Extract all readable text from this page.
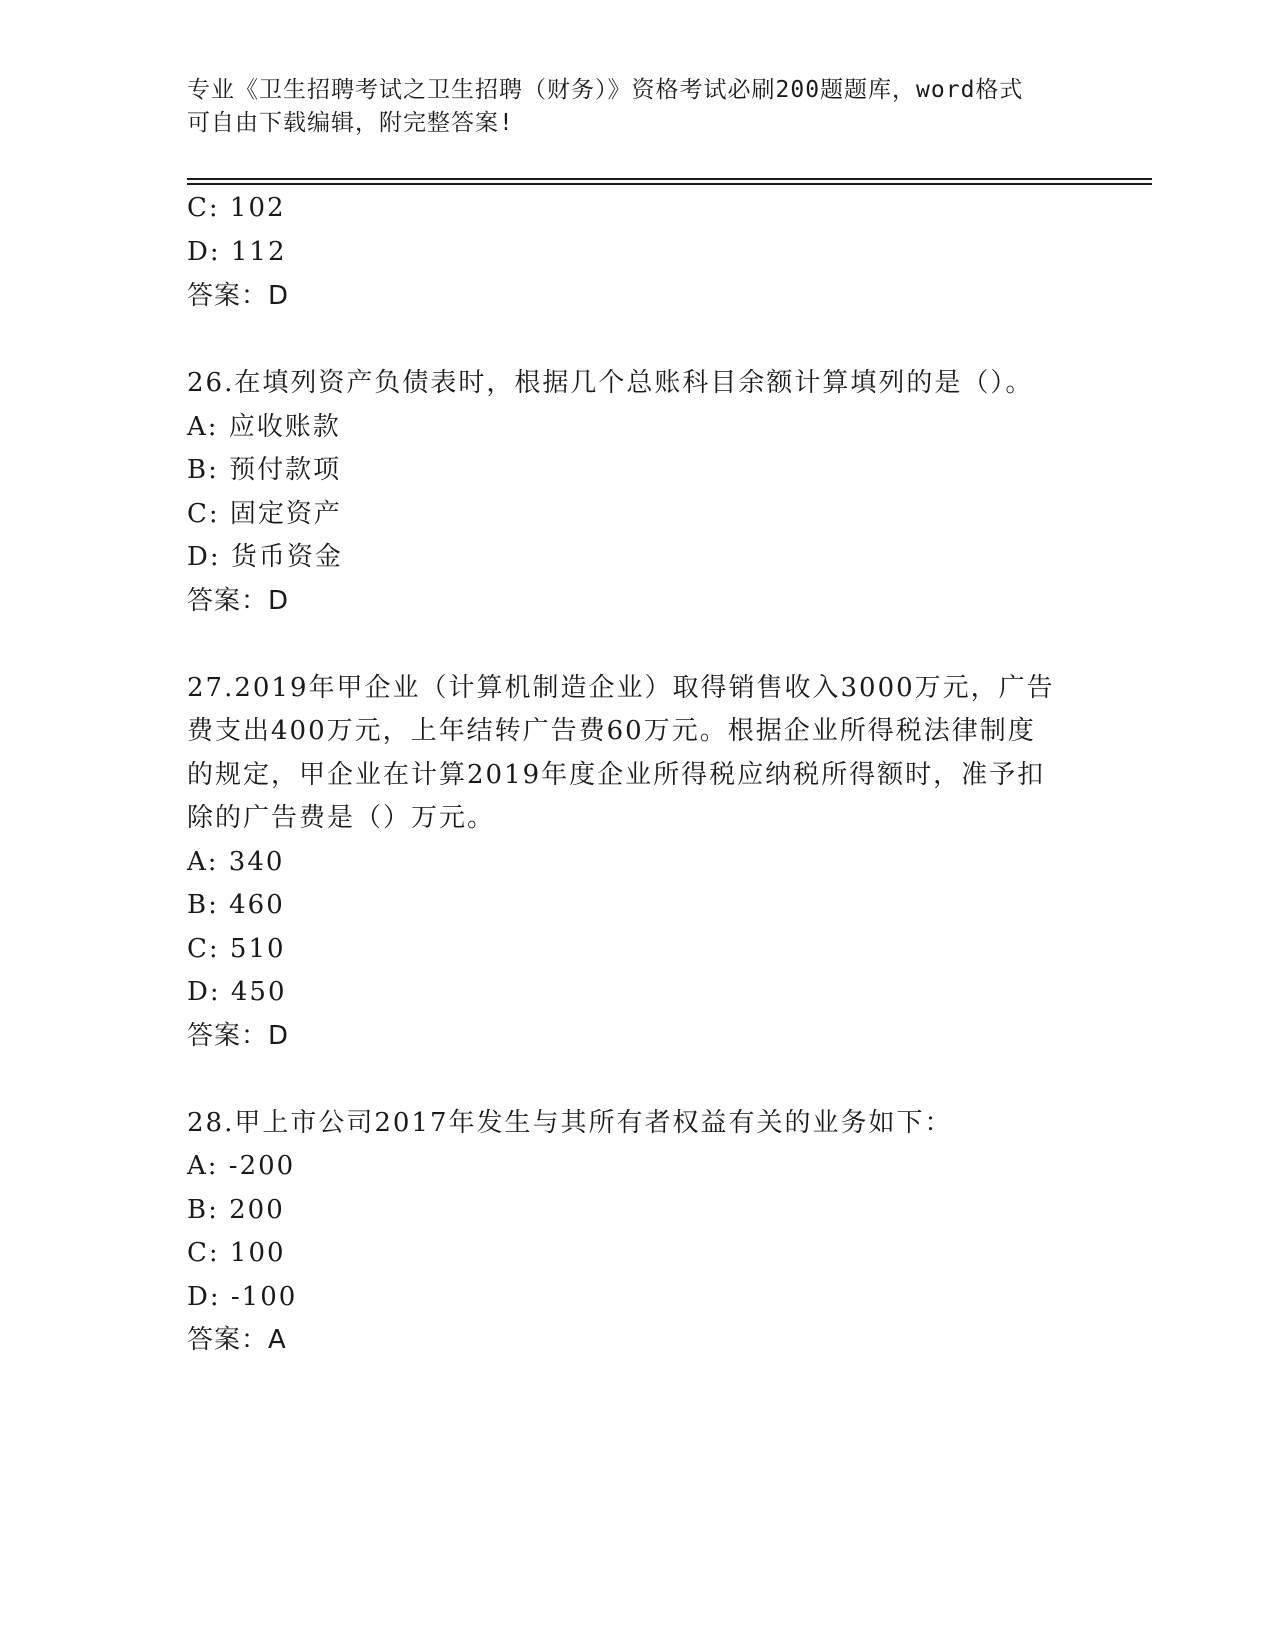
专业《卫生招聘考试之卫生招聘（财务）》资格考试必刷200题题库，word格式
可自由下载编辑，附完整答案!
C: 102
D: 112
答案：D
26.在填列资产负债表时，根据几个总账科目余额计算填列的是（）。
A: 应收账款
B: 预付款项
C: 固定资产
D: 货币资金
答案：D
27.2019年甲企业（计算机制造企业）取得销售收入3000万元，广告
费支出400万元，上年结转广告费60万元。根据企业所得税法律制度
的规定，甲企业在计算2019年度企业所得税应纳税所得额时，准予扣
除的广告费是（）万元。
A: 340
B: 460
C: 510
D: 450
答案：D
28.甲上市公司2017年发生与其所有者权益有关的业务如下：
A: -200
B: 200
C: 100
D: -100
答案：A
